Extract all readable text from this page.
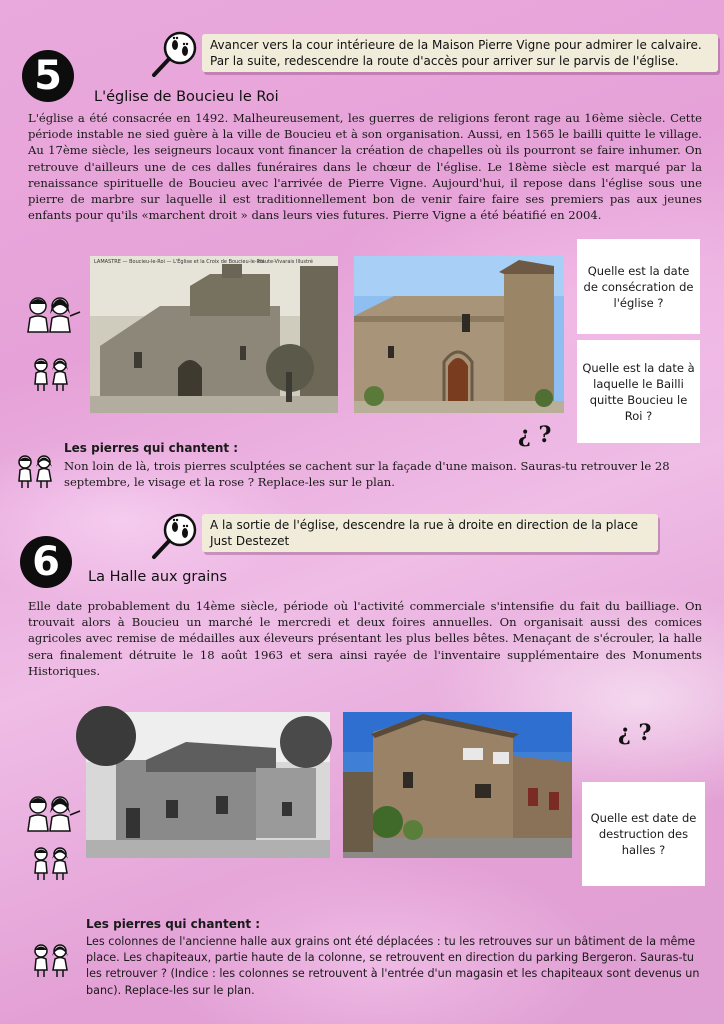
Avancer vers la cour intérieure de la Maison Pierre Vigne pour admirer le calvaire.
Par la suite, redescendre la route d'accès pour arriver sur le parvis de l'église.
5	L'église de Boucieu le Roi
L'église a été consacrée en 1492. Malheureusement, les guerres de religions feront rage au 16ème siècle. Cette période instable ne sied guère à la ville de Boucieu et à son organisation. Aussi, en 1565 le bailli quitte le village. Au 17ème siècle, les seigneurs locaux vont financer la création de chapelles où ils pourront se faire inhumer. On retrouve d'ailleurs une de ces dalles funéraires dans le chœur de l'église. Le 18ème siècle est marqué par la renaissance spirituelle de Boucieu avec l'arrivée de Pierre Vigne. Aujourd'hui, il repose dans l'église sous une pierre de marbre sur laquelle il est traditionnellement bon de venir faire faire ses premiers pas aux jeunes enfants pour qu'ils «marchent droit » dans leurs vies futures. Pierre Vigne a été béatifié en 2004.
LAMASTRE — Boucieu-le-Roi — L'Église et la Croix de Boucieu-le-Roi
Haute-Vivarais Illustré
Quelle est la date de consécration de l'église ?
Quelle est la date à laquelle le Bailli quitte Boucieu le Roi ?
¿ ?
Les pierres qui chantent :
Non loin de là, trois pierres sculptées se cachent sur la façade d'une maison. Sauras-tu retrouver le 28 septembre, le visage et la rose ? Replace-les sur le plan.
A la sortie de l'église, descendre la rue à droite en direction de la place
Just Destezet
6	La Halle aux grains
Elle date probablement du 14ème siècle, période où l'activité commerciale s'intensifie du fait du bailliage. On trouvait alors à Boucieu un marché le mercredi et deux foires annuelles. On organisait aussi des comices agricoles avec remise de médailles aux éleveurs présentant les plus belles bêtes. Menaçant de s'écrouler, la halle sera finalement détruite le 18 août 1963 et sera ainsi rayée de l'inventaire supplémentaire des Monuments Historiques.
¿ ?
Quelle est date de destruction des halles ?
Les pierres qui chantent :
Les colonnes de l'ancienne halle aux grains ont été déplacées : tu les retrouves sur un bâtiment de la même place. Les chapiteaux, partie haute de la colonne, se retrouvent en direction du parking Bergeron. Sauras-tu les retrouver ? (Indice : les colonnes se retrouvent à l'entrée d'un magasin et les chapiteaux sont devenus un banc). Replace-les sur le plan.
